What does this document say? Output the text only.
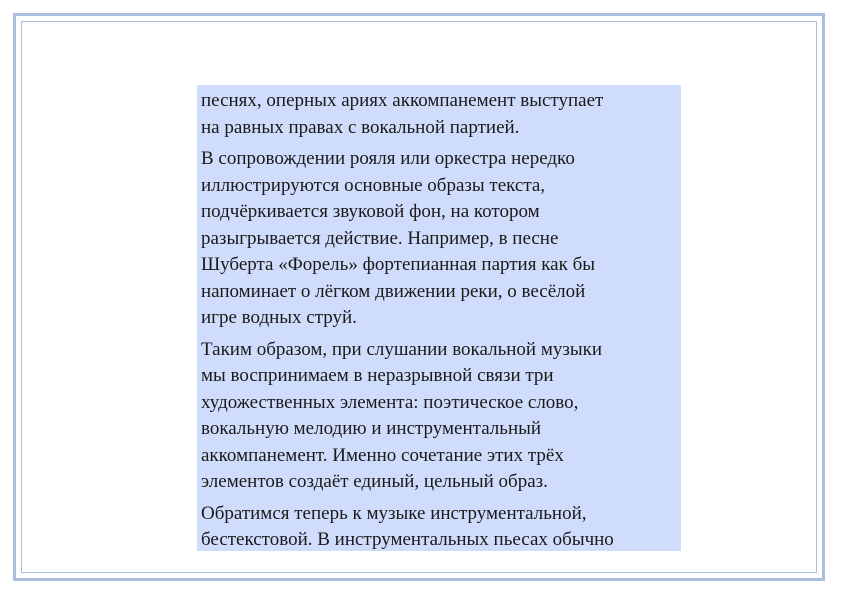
песнях, оперных ариях аккомпанемент выступает
на равных правах с вокальной партией.

В сопровождении рояля или оркестра нередко
иллюстрируются основные образы текста,
подчёркивается звуковой фон, на котором
разыгрывается действие. Например, в песне
Шуберта «Форель» фортепианная партия как бы
напоминает о лёгком движении реки, о весёлой
игре водных струй.

Таким образом, при слушании вокальной музыки
мы воспринимаем в неразрывной связи три
художественных элемента: поэтическое слово,
вокальную мелодию и инструментальный
аккомпанемент. Именно сочетание этих трёх
элементов создаёт единый, цельный образ.

Обратимся теперь к музыке инструментальной,
бестекстовой. В инструментальных пьесах обычно
